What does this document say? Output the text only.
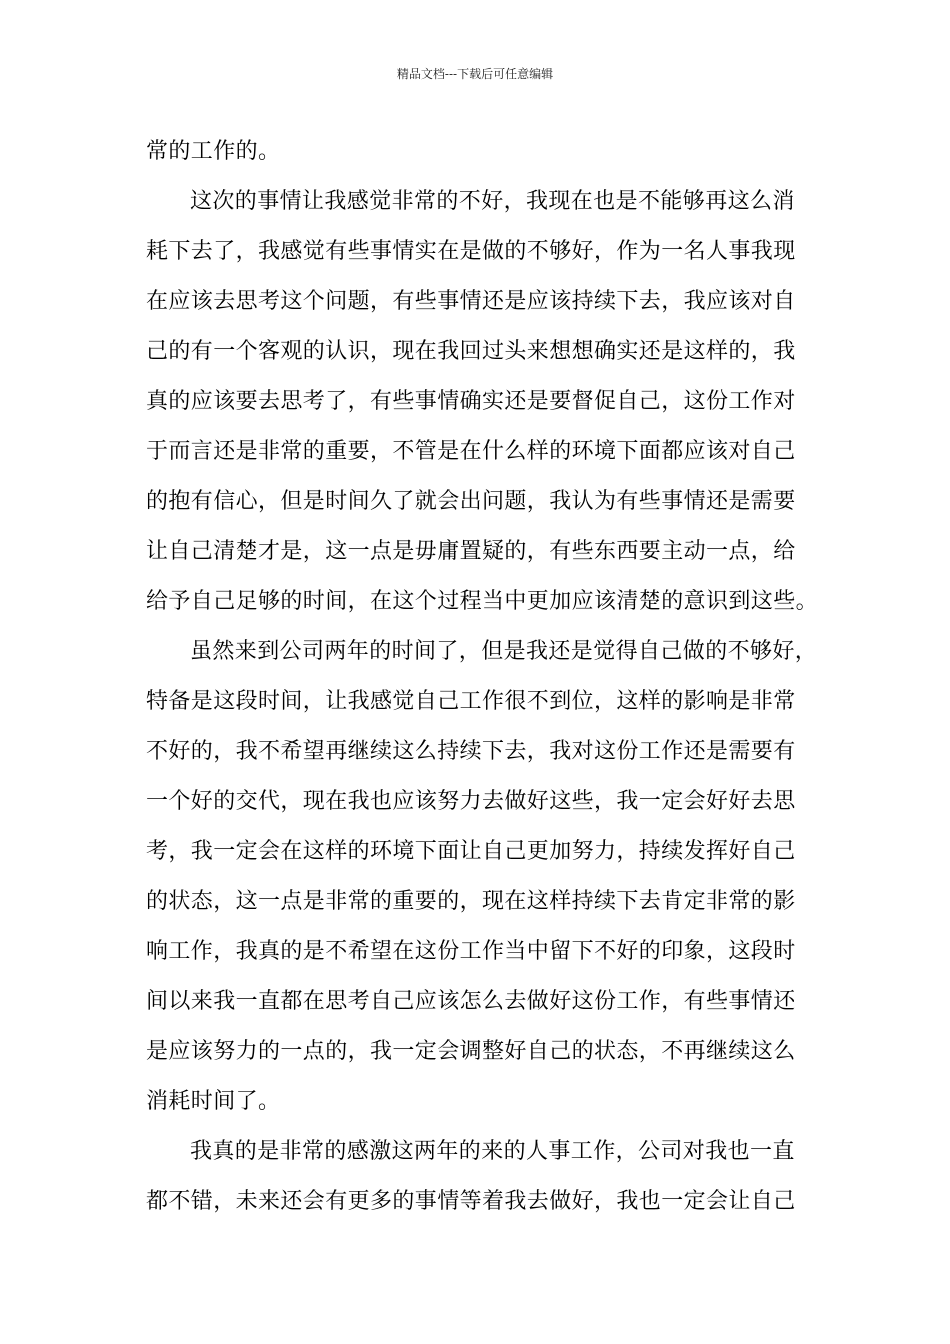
精品文档---下载后可任意编辑
常的工作的。
这次的事情让我感觉非常的不好，我现在也是不能够再这么消
耗下去了，我感觉有些事情实在是做的不够好，作为一名人事我现
在应该去思考这个问题，有些事情还是应该持续下去，我应该对自
己的有一个客观的认识，现在我回过头来想想确实还是这样的，我
真的应该要去思考了，有些事情确实还是要督促自己，这份工作对
于而言还是非常的重要，不管是在什么样的环境下面都应该对自己
的抱有信心，但是时间久了就会出问题，我认为有些事情还是需要
让自己清楚才是，这一点是毋庸置疑的，有些东西要主动一点，给
给予自己足够的时间，在这个过程当中更加应该清楚的意识到这些。
虽然来到公司两年的时间了，但是我还是觉得自己做的不够好，
特备是这段时间，让我感觉自己工作很不到位，这样的影响是非常
不好的，我不希望再继续这么持续下去，我对这份工作还是需要有
一个好的交代，现在我也应该努力去做好这些，我一定会好好去思
考，我一定会在这样的环境下面让自己更加努力，持续发挥好自己
的状态，这一点是非常的重要的，现在这样持续下去肯定非常的影
响工作，我真的是不希望在这份工作当中留下不好的印象，这段时
间以来我一直都在思考自己应该怎么去做好这份工作，有些事情还
是应该努力的一点的，我一定会调整好自己的状态，不再继续这么
消耗时间了。
我真的是非常的感激这两年的来的人事工作，公司对我也一直
都不错，未来还会有更多的事情等着我去做好，我也一定会让自己
